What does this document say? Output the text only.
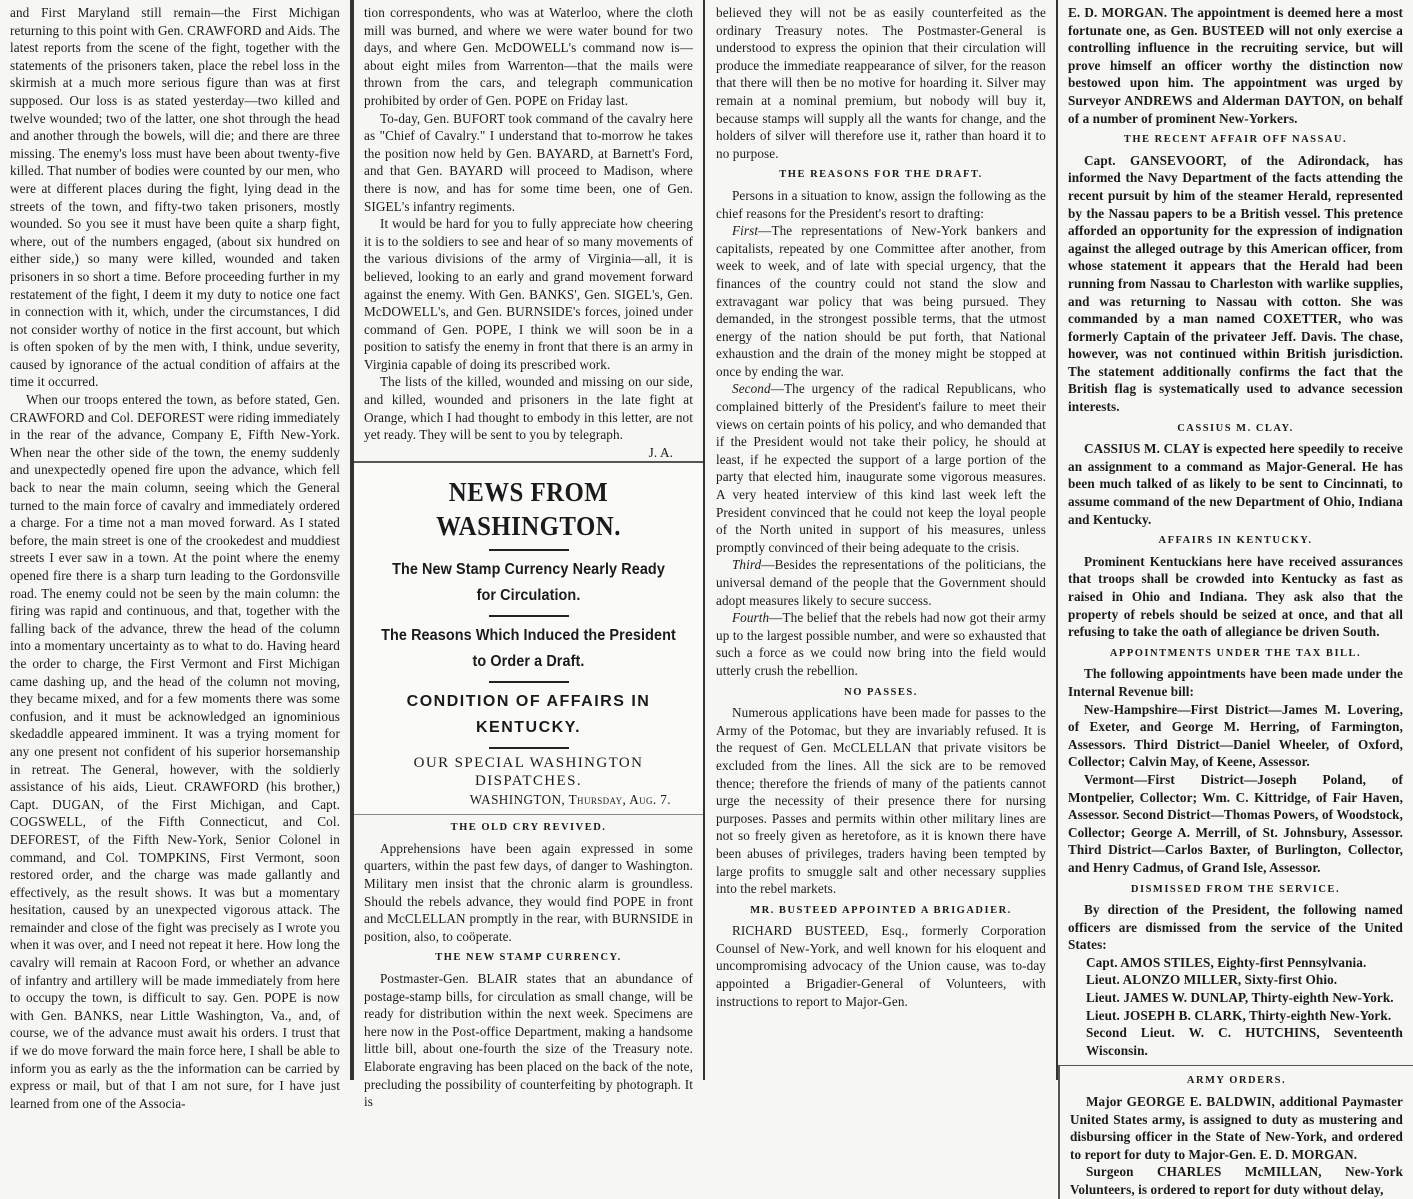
and First Maryland still remain—the First Michigan returning to this point with Gen. CRAWFORD and Aids. The latest reports from the scene of the fight, together with the statements of the prisoners taken, place the rebel loss in the skirmish at a much more serious figure than was at first supposed. Our loss is as stated yesterday—two killed and twelve wounded; two of the latter, one shot through the head and another through the bowels, will die; and there are three missing. The enemy's loss must have been about twenty-five killed. That number of bodies were counted by our men, who were at different places during the fight, lying dead in the streets of the town, and fifty-two taken prisoners, mostly wounded. So you see it must have been quite a sharp fight, where, out of the numbers engaged, (about six hundred on either side,) so many were killed, wounded and taken prisoners in so short a time. Before proceeding further in my restatement of the fight, I deem it my duty to notice one fact in connection with it, which, under the circumstances, I did not consider worthy of notice in the first account, but which is often spoken of by the men with, I think, undue severity, caused by ignorance of the actual condition of affairs at the time it occurred.

When our troops entered the town, as before stated, Gen. CRAWFORD and Col. DEFOREST were riding immediately in the rear of the advance, Company E, Fifth New-York. When near the other side of the town, the enemy suddenly and unexpectedly opened fire upon the advance, which fell back to near the main column, seeing which the General turned to the main force of cavalry and immediately ordered a charge. For a time not a man moved forward. As I stated before, the main street is one of the crookedest and muddiest streets I ever saw in a town. At the point where the enemy opened fire there is a sharp turn leading to the Gordonsville road. The enemy could not be seen by the main column: the firing was rapid and continuous, and that, together with the falling back of the advance, threw the head of the column into a momentary uncertainty as to what to do. Having heard the order to charge, the First Vermont and First Michigan came dashing up, and the head of the column not moving, they became mixed, and for a few moments there was some confusion, and it must be acknowledged an ignominious skedaddle appeared imminent. It was a trying moment for any one present not confident of his superior horsemanship in retreat. The General, however, with the soldierly assistance of his aids, Lieut. CRAWFORD (his brother,) Capt. DUGAN, of the First Michigan, and Capt. COGSWELL, of the Fifth Connecticut, and Col. DEFOREST, of the Fifth New-York, Senior Colonel in command, and Col. TOMPKINS, First Vermont, soon restored order, and the charge was made gallantly and effectively, as the result shows. It was but a momentary hesitation, caused by an unexpected vigorous attack. The remainder and close of the fight was precisely as I wrote you when it was over, and I need not repeat it here. How long the cavalry will remain at Racoon Ford, or whether an advance of infantry and artillery will be made immediately from here to occupy the town, is difficult to say. Gen. POPE is now with Gen. BANKS, near Little Washington, Va., and, of course, we of the advance must await his orders. I trust that if we do move forward the main force here, I shall be able to inform you as early as the the information can be carried by express or mail, but of that I am not sure, for I have just learned from one of the Associa-

tion correspondents, who was at Waterloo, where the cloth mill was burned, and where we were water bound for two days, and where Gen. McDOWELL's command now is—about eight miles from Warrenton—that the mails were thrown from the cars, and telegraph communication prohibited by order of Gen. POPE on Friday last.

To-day, Gen. BUFORT took command of the cavalry here as "Chief of Cavalry." I understand that to-morrow he takes the position now held by Gen. BAYARD, at Barnett's Ford, and that Gen. BAYARD will proceed to Madison, where there is now, and has for some time been, one of Gen. SIGEL's infantry regiments.

It would be hard for you to fully appreciate how cheering it is to the soldiers to see and hear of so many movements of the various divisions of the army of Virginia—all, it is believed, looking to an early and grand movement forward against the enemy. With Gen. BANKS', Gen. SIGEL's, Gen. McDOWELL's, and Gen. BURNSIDE's forces, joined under command of Gen. POPE, I think we will soon be in a position to satisfy the enemy in front that there is an army in Virginia capable of doing its prescribed work.

The lists of the killed, wounded and missing on our side, and killed, wounded and prisoners in the late fight at Orange, which I had thought to embody in this letter, are not yet ready. They will be sent to you by telegraph.

J. A.
NEWS FROM WASHINGTON.
The New Stamp Currency Nearly Ready for Circulation.
The Reasons Which Induced the President to Order a Draft.
CONDITION OF AFFAIRS IN KENTUCKY.
OUR SPECIAL WASHINGTON DISPATCHES.
WASHINGTON, Thursday, Aug. 7.
THE OLD CRY REVIVED.

Apprehensions have been again expressed in some quarters, within the past few days, of danger to Washington. Military men insist that the chronic alarm is groundless. Should the rebels advance, they would find POPE in front and McCLELLAN promptly in the rear, with BURNSIDE in position, also, to coöperate.

THE NEW STAMP CURRENCY.

Postmaster-Gen. BLAIR states that an abundance of postage-stamp bills, for circulation as small change, will be ready for distribution within the next week. Specimens are here now in the Post-office Department, making a handsome little bill, about one-fourth the size of the Treasury note. Elaborate engraving has been placed on the back of the note, precluding the possibility of counterfeiting by photograph. It is

believed they will not be as easily counterfeited as the ordinary Treasury notes. The Postmaster-General is understood to express the opinion that their circulation will produce the immediate reappearance of silver, for the reason that there will then be no motive for hoarding it. Silver may remain at a nominal premium, but nobody will buy it, because stamps will supply all the wants for change, and the holders of silver will therefore use it, rather than hoard it to no purpose.

THE REASONS FOR THE DRAFT.

Persons in a situation to know, assign the following as the chief reasons for the President's resort to drafting:

First—The representations of New-York bankers and capitalists, repeated by one Committee after another, from week to week, and of late with special urgency, that the finances of the country could not stand the slow and extravagant war policy that was being pursued. They demanded, in the strongest possible terms, that the utmost energy of the nation should be put forth, that National exhaustion and the drain of the money might be stopped at once by ending the war.

Second—The urgency of the radical Republicans, who complained bitterly of the President's failure to meet their views on certain points of his policy, and who demanded that if the President would not take their policy, he should at least, if he expected the support of a large portion of the party that elected him, inaugurate some vigorous measures. A very heated interview of this kind last week left the President convinced that he could not keep the loyal people of the North united in support of his measures, unless promptly convinced of their being adequate to the crisis.

Third—Besides the representations of the politicians, the universal demand of the people that the Government should adopt measures likely to secure success.

Fourth—The belief that the rebels had now got their army up to the largest possible number, and were so exhausted that such a force as we could now bring into the field would utterly crush the rebellion.

NO PASSES.

Numerous applications have been made for passes to the Army of the Potomac, but they are invariably refused. It is the request of Gen. McCLELLAN that private visitors be excluded from the lines. All the sick are to be removed thence; therefore the friends of many of the patients cannot urge the necessity of their presence there for nursing purposes. Passes and permits within other military lines are not so freely given as heretofore, as it is known there have been abuses of privileges, traders having been tempted by large profits to smuggle salt and other necessary supplies into the rebel markets.

MR. BUSTEED APPOINTED A BRIGADIER.

RICHARD BUSTEED, Esq., formerly Corporation Counsel of New-York, and well known for his eloquent and uncompromising advocacy of the Union cause, was to-day appointed a Brigadier-General of Volunteers, with instructions to report to Major-Gen.

E. D. MORGAN. The appointment is deemed here a most fortunate one, as Gen. BUSTEED will not only exercise a controlling influence in the recruiting service, but will prove himself an officer worthy the distinction now bestowed upon him. The appointment was urged by Surveyor ANDREWS and Alderman DAYTON, on behalf of a number of prominent New-Yorkers.

THE RECENT AFFAIR OFF NASSAU.

Capt. GANSEVOORT, of the Adirondack, has informed the Navy Department of the facts attending the recent pursuit by him of the steamer Herald, represented by the Nassau papers to be a British vessel. This pretence afforded an opportunity for the expression of indignation against the alleged outrage by this American officer, from whose statement it appears that the Herald had been running from Nassau to Charleston with warlike supplies, and was returning to Nassau with cotton. She was commanded by a man named COXETTER, who was formerly Captain of the privateer Jeff. Davis. The chase, however, was not continued within British jurisdiction. The statement additionally confirms the fact that the British flag is systematically used to advance secession interests.

CASSIUS M. CLAY.

CASSIUS M. CLAY is expected here speedily to receive an assignment to a command as Major-General. He has been much talked of as likely to be sent to Cincinnati, to assume command of the new Department of Ohio, Indiana and Kentucky.

AFFAIRS IN KENTUCKY.

Prominent Kentuckians here have received assurances that troops shall be crowded into Kentucky as fast as raised in Ohio and Indiana. They ask also that the property of rebels should be seized at once, and that all refusing to take the oath of allegiance be driven South.

APPOINTMENTS UNDER THE TAX BILL.

The following appointments have been made under the Internal Revenue bill:

New-Hampshire—First District—James M. Lovering, of Exeter, and George M. Herring, of Farmington, Assessors. Third District—Daniel Wheeler, of Oxford, Collector; Calvin May, of Keene, Assessor.

Vermont—First District—Joseph Poland, of Montpelier, Collector; Wm. C. Kittridge, of Fair Haven, Assessor. Second District—Thomas Powers, of Woodstock, Collector; George A. Merrill, of St. Johnsbury, Assessor. Third District—Carlos Baxter, of Burlington, Collector, and Henry Cadmus, of Grand Isle, Assessor.

DISMISSED FROM THE SERVICE.

By direction of the President, the following named officers are dismissed from the service of the United States:

Capt. AMOS STILES, Eighty-first Pennsylvania.

Lieut. ALONZO MILLER, Sixty-first Ohio.

Lieut. JAMES W. DUNLAP, Thirty-eighth New-York.

Lieut. JOSEPH B. CLARK, Thirty-eighth New-York.

Second Lieut. W. C. HUTCHINS, Seventeenth Wisconsin.

ARMY ORDERS.

Major GEORGE E. BALDWIN, additional Paymaster United States army, is assigned to duty as mustering and disbursing officer in the State of New-York, and ordered to report for duty to Major-Gen. E. D. MORGAN.

Surgeon CHARLES McMILLAN, New-York Volunteers, is ordered to report for duty without delay,
